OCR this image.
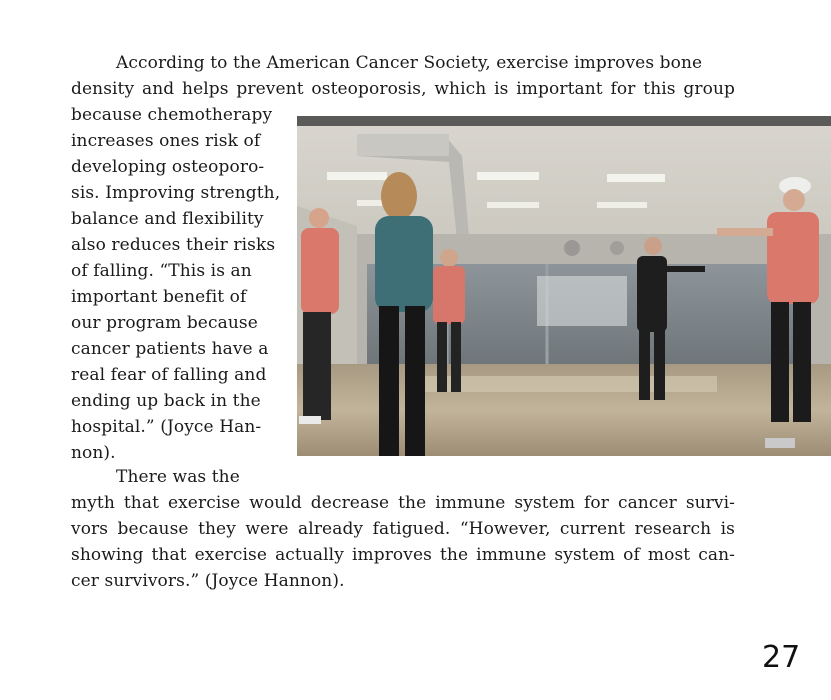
According to the American Cancer Society, exercise improves bone
density and helps prevent osteoporosis, which is important for this group
because chemotherapy
increases ones risk of
developing osteoporo-
sis. Improving strength,
balance and flexibility
also reduces their risks
of falling. “This is an
important benefit of
our program because
cancer patients have a
real fear of falling and
ending up back in the
hospital.” (Joyce Han-
non).
There was the
myth that exercise would decrease the immune system for cancer survi-
vors because they were already fatigued. “However, current research is
showing that exercise actually improves the immune system of most can-
cer survivors.” (Joyce Hannon).
27
